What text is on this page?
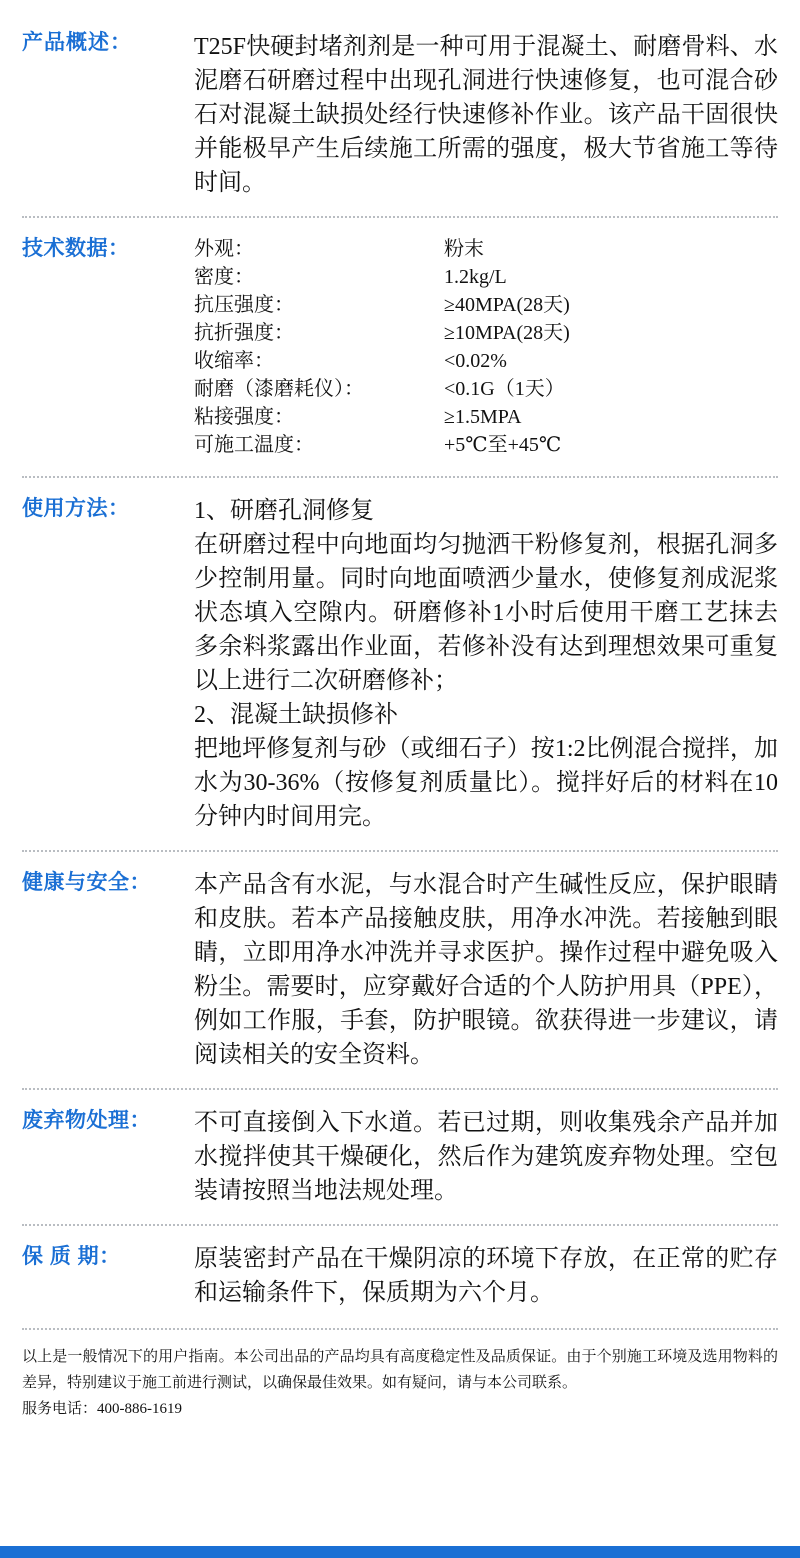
产品概述：	T25F快硬封堵剂剂是一种可用于混凝土、耐磨骨料、水泥磨石研磨过程中出现孔洞进行快速修复，也可混合砂石对混凝土缺损处经行快速修补作业。该产品干固很快并能极早产生后续施工所需的强度，极大节省施工等待时间。

技术数据：	外观：	粉末
密度：	1.2kg/L
抗压强度：	≥40MPA(28天)
抗折强度：	≥10MPA(28天)
收缩率：	<0.02%
耐磨（漆磨耗仪）：	<0.1G（1天）
粘接强度：	≥1.5MPA
可施工温度：	+5℃至+45℃
使用方法：	1、研磨孔洞修复

在研磨过程中向地面均匀抛洒干粉修复剂，根据孔洞多少控制用量。同时向地面喷洒少量水，使修复剂成泥浆状态填入空隙内。研磨修补1小时后使用干磨工艺抹去多余料浆露出作业面，若修补没有达到理想效果可重复以上进行二次研磨修补；

2、混凝土缺损修补

把地坪修复剂与砂（或细石子）按1:2比例混合搅拌，加水为30-36%（按修复剂质量比）。搅拌好后的材料在10分钟内时间用完。

健康与安全：	本产品含有水泥，与水混合时产生碱性反应，保护眼睛和皮肤。若本产品接触皮肤，用净水冲洗。若接触到眼睛，立即用净水冲洗并寻求医护。操作过程中避免吸入粉尘。需要时，应穿戴好合适的个人防护用具（PPE），例如工作服，手套，防护眼镜。欲获得进一步建议，请阅读相关的安全资料。

废弃物处理：	不可直接倒入下水道。若已过期，则收集残余产品并加水搅拌使其干燥硬化，然后作为建筑废弃物处理。空包装请按照当地法规处理。

保 质 期：	原装密封产品在干燥阴凉的环境下存放，在正常的贮存和运输条件下，保质期为六个月。

以上是一般情况下的用户指南。本公司出品的产品均具有高度稳定性及品质保证。由于个别施工环境及选用物料的差异，特别建议于施工前进行测试，以确保最佳效果。如有疑问，请与本公司联系。

服务电话：400-886-1619
